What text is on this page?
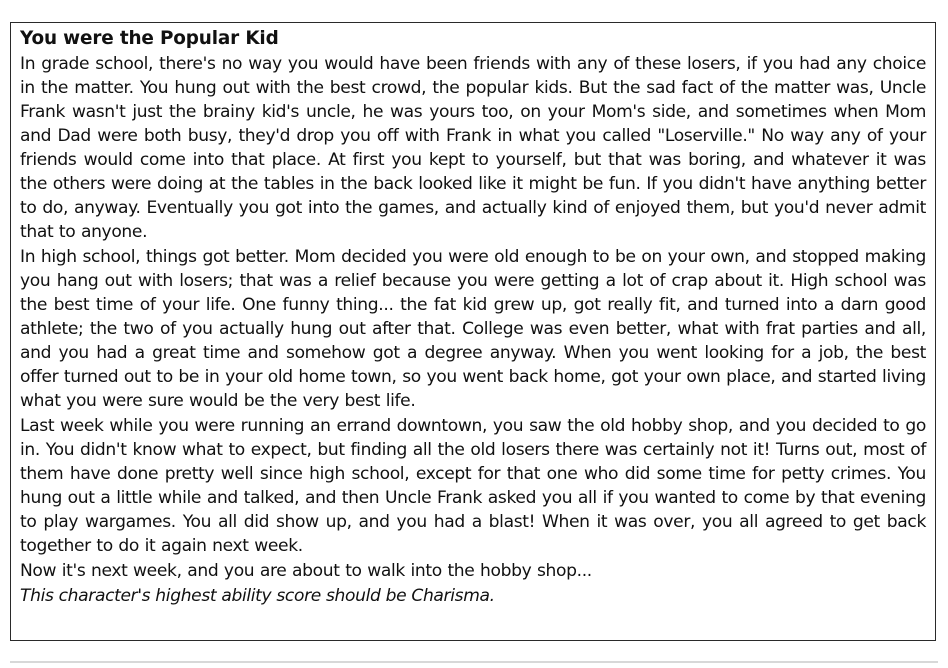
You were the Popular Kid

In grade school, there's no way you would have been friends with any of these losers, if you had any choice in the matter. You hung out with the best crowd, the popular kids. But the sad fact of the matter was, Uncle Frank wasn't just the brainy kid's uncle, he was yours too, on your Mom's side, and sometimes when Mom and Dad were both busy, they'd drop you off with Frank in what you called "Loserville." No way any of your friends would come into that place. At first you kept to yourself, but that was boring, and whatever it was the others were doing at the tables in the back looked like it might be fun. If you didn't have anything better to do, anyway. Eventually you got into the games, and actually kind of enjoyed them, but you'd never admit that to anyone.

In high school, things got better. Mom decided you were old enough to be on your own, and stopped making you hang out with losers; that was a relief because you were getting a lot of crap about it. High school was the best time of your life. One funny thing... the fat kid grew up, got really fit, and turned into a darn good athlete; the two of you actually hung out after that. College was even better, what with frat parties and all, and you had a great time and somehow got a degree anyway. When you went looking for a job, the best offer turned out to be in your old home town, so you went back home, got your own place, and started living what you were sure would be the very best life.

Last week while you were running an errand downtown, you saw the old hobby shop, and you decided to go in. You didn't know what to expect, but finding all the old losers there was certainly not it! Turns out, most of them have done pretty well since high school, except for that one who did some time for petty crimes. You hung out a little while and talked, and then Uncle Frank asked you all if you wanted to come by that evening to play wargames. You all did show up, and you had a blast! When it was over, you all agreed to get back together to do it again next week.

Now it's next week, and you are about to walk into the hobby shop...

This character's highest ability score should be Charisma.
